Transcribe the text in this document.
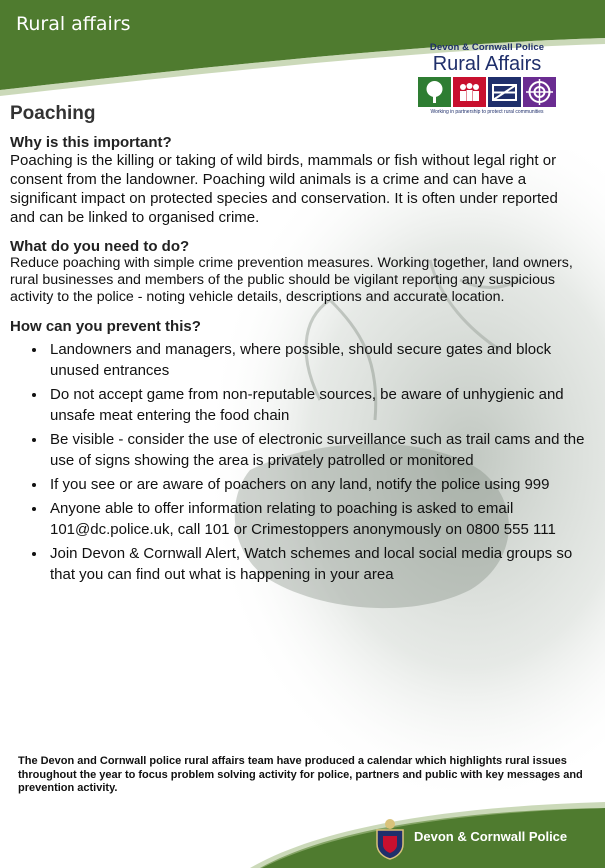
Rural affairs
Devon & Cornwall Police
Rural Affairs
Working in partnership to protect rural communities
Poaching
Why is this important?

Poaching is the killing or taking of wild birds, mammals or fish without legal right or consent from the landowner. Poaching wild animals is a crime and can have a significant impact on protected species and conservation. It is often under reported and can be linked to organised crime.

What do you need to do?

Reduce poaching with simple crime prevention measures. Working together, land owners, rural businesses and members of the public should be vigilant reporting any suspicious activity to the police - noting vehicle details, descriptions and accurate location.

How can you prevent this?
• Landowners and managers, where possible, should secure gates and block unused entrances
• Do not accept game from non-reputable sources, be aware of unhygienic and unsafe meat entering the food chain
• Be visible - consider the use of electronic surveillance such as trail cams and the use of signs showing the area is privately patrolled or monitored
• If you see or are aware of poachers on any land, notify the police using 999
• Anyone able to offer information relating to poaching is asked to email 101@dc.police.uk, call 101 or Crimestoppers anonymously on 0800 555 111
• Join Devon & Cornwall Alert, Watch schemes and local social media groups so that you can find out what is happening in your area
The Devon and Cornwall police rural affairs team have produced a calendar which highlights rural issues throughout the year to focus problem solving activity for police, partners and public with key messages and prevention activity.
Devon & Cornwall Police
